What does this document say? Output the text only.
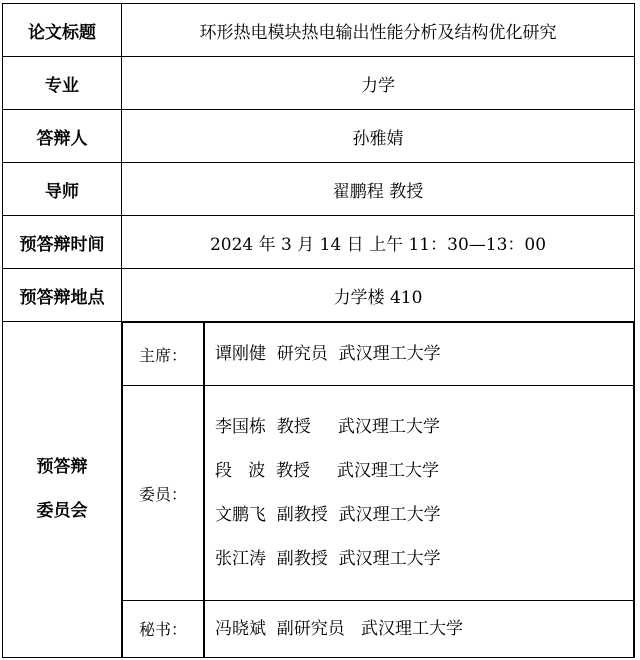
论文标题	环形热电模块热电输出性能分析及结构优化研究
专业	力学
答辩人	孙雅婧
导师	翟鹏程 教授
预答辩时间	2024 年 3 月 14 日 上午 11：30—13：00
预答辩地点	力学楼 410

预答辩
委员会

主席：	谭刚健  研究员  武汉理工大学

委员：	
李国栋  教授     武汉理工大学
段   波  教授     武汉理工大学
文鹏飞  副教授  武汉理工大学
张江涛  副教授  武汉理工大学

秘书：	冯晓斌  副研究员   武汉理工大学
